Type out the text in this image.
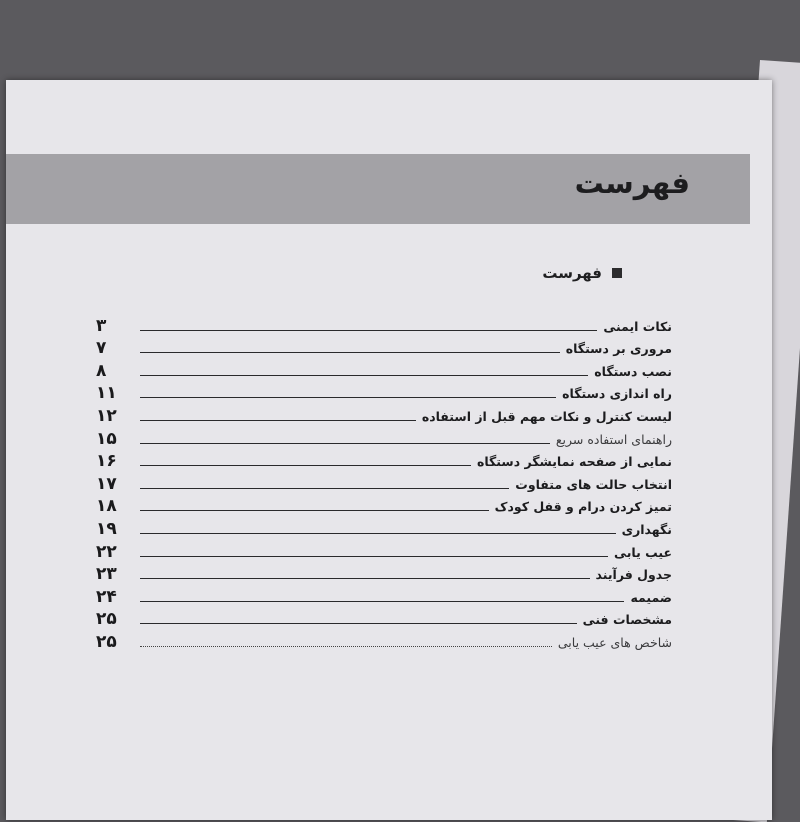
فهرست
فهرست
۳	نکات ایمنی
۷	مروری بر دستگاه
۸	نصب دستگاه
۱۱	راه اندازی دستگاه
۱۲	لیست کنترل و نکات مهم قبل از استفاده
۱۵	راهنمای استفاده سریع
۱۶	نمایی از صفحه نمایشگر دستگاه
۱۷	انتخاب حالت های متفاوت
۱۸	تمیز کردن درام و قفل کودک
۱۹	نگهداری
۲۲	عیب یابی
۲۳	جدول فرآیند
۲۴	ضمیمه
۲۵	مشخصات فنی
۲۵	شاخص های عیب یابی
